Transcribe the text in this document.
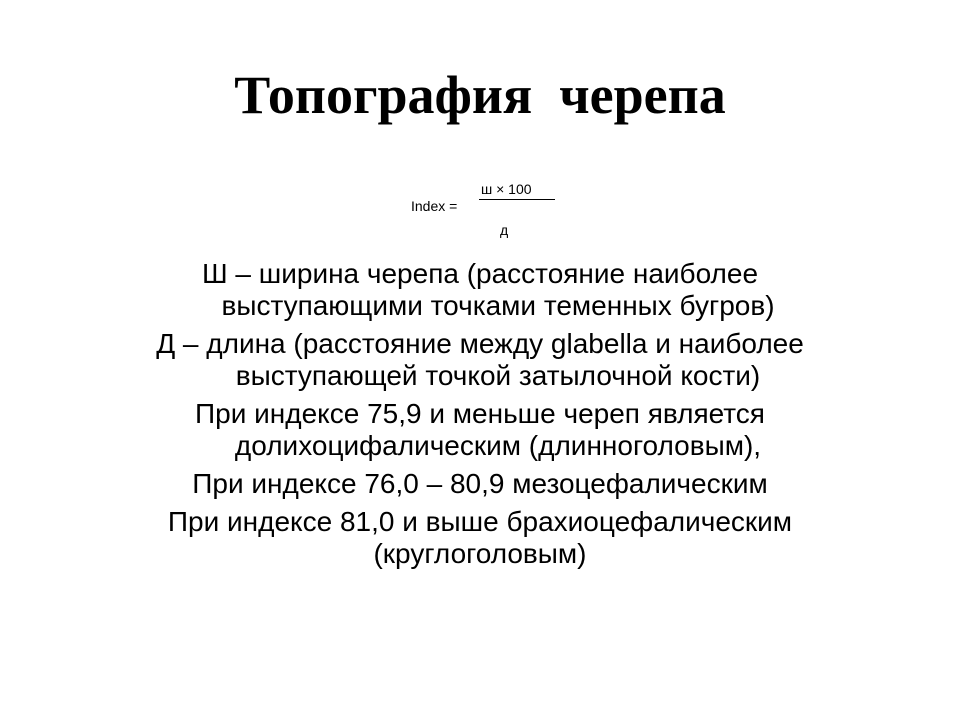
Топография  черепа
Index =
ш × 100
д

Ш – ширина черепа (расстояние наиболее
выступающими точками теменных бугров)

Д – длина (расстояние между glabella и наиболее
выступающей точкой затылочной кости)

При индексе 75,9 и меньше череп является
долихоцифалическим (длинноголовым),

При индексе 76,0 – 80,9 мезоцефалическим

При индексе 81,0 и выше брахиоцефалическим
(круглоголовым)
